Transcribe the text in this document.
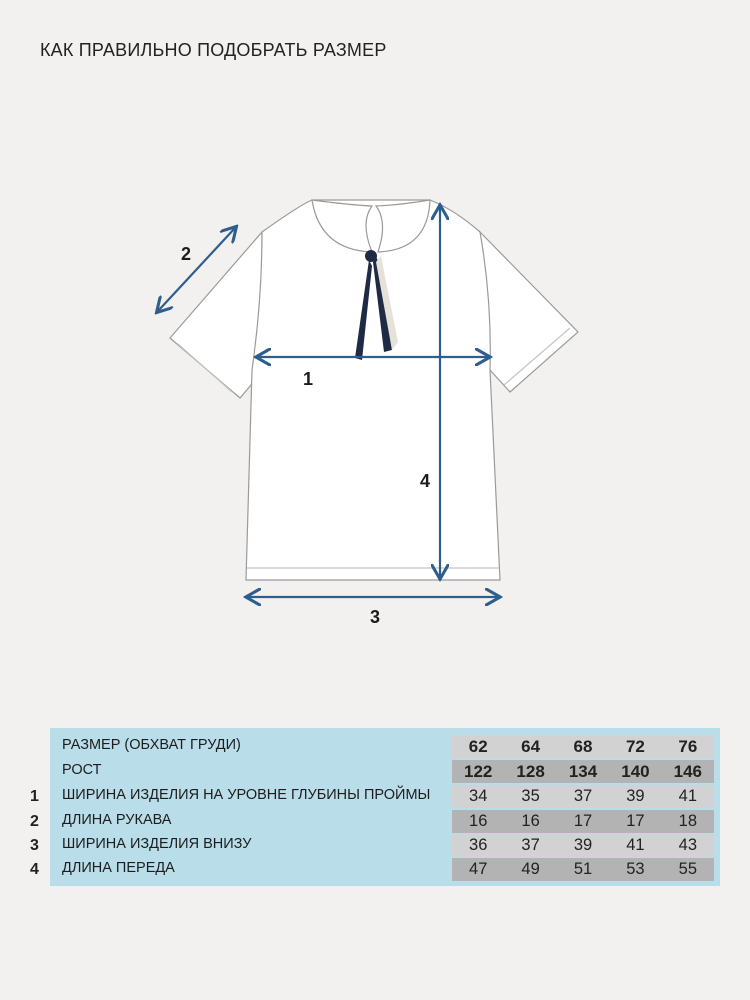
КАК ПРАВИЛЬНО ПОДОБРАТЬ РАЗМЕР
1
2
3
4
РАЗМЕР (ОБХВАТ ГРУДИ)	62	64	68	72	76
РОСТ	122	128	134	140	146
1	ШИРИНА ИЗДЕЛИЯ НА УРОВНЕ ГЛУБИНЫ ПРОЙМЫ	34	35	37	39	41
2	ДЛИНА РУКАВА	16	16	17	17	18
3	ШИРИНА ИЗДЕЛИЯ ВНИЗУ	36	37	39	41	43
4	ДЛИНА ПЕРЕДА	47	49	51	53	55
